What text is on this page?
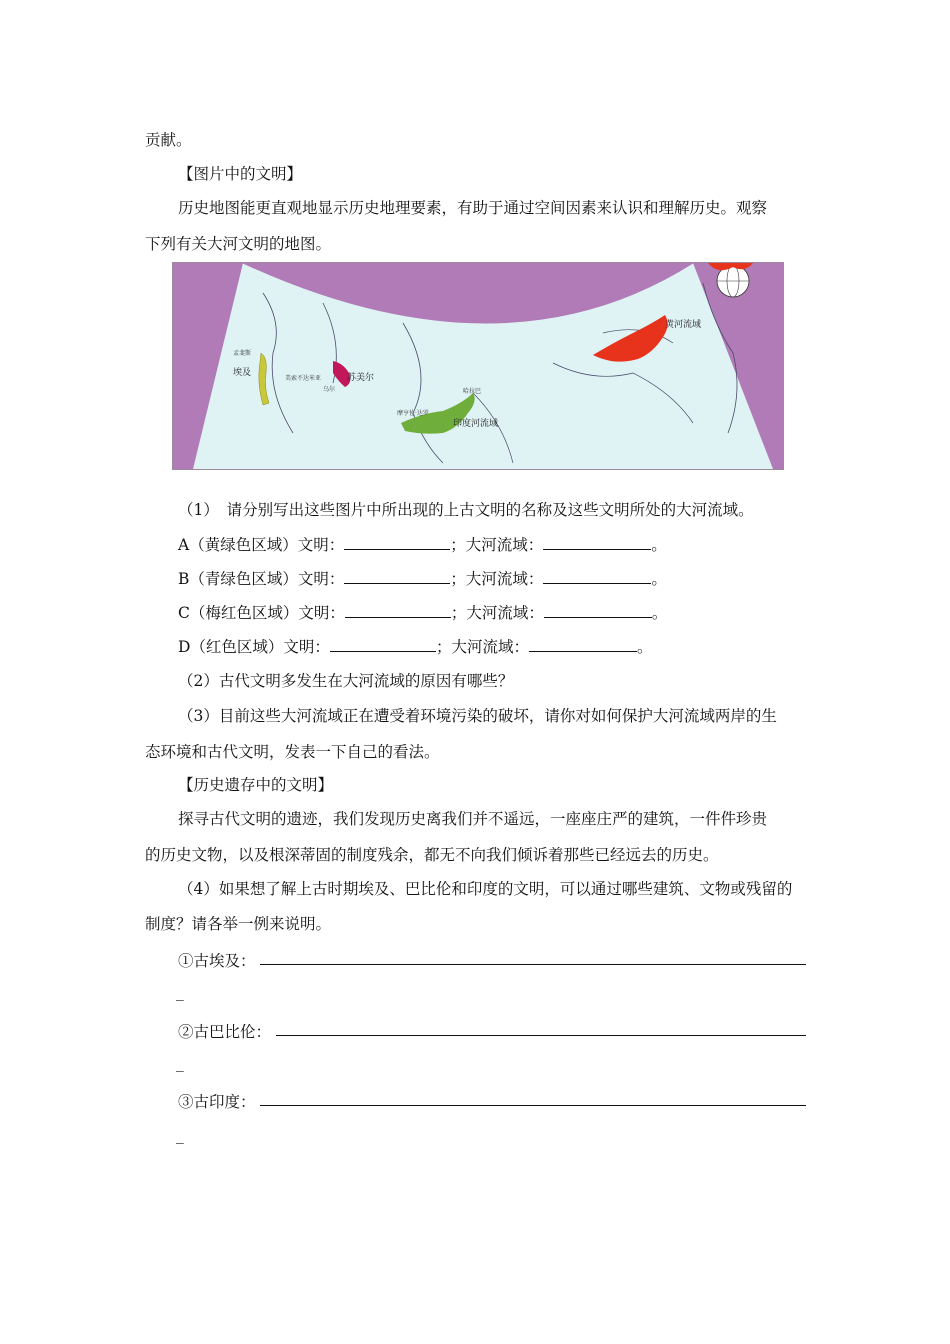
贡献。
【图片中的文明】
历史地图能更直观地显示历史地理要素，有助于通过空间因素来认识和理解历史。观察
下列有关大河文明的地图。
孟斐斯
埃及
美索不达米亚
乌尔
苏美尔
摩亨佐·达罗
哈拉巴
印度河流域
黄河流域
（1）　请分别写出这些图片中所出现的上古文明的名称及这些文明所处的大河流域。
A（黄绿色区域）文明：	；大河流域：	。
B（青绿色区域）文明：	；大河流域：	。
C（梅红色区域）文明：	；大河流域：	。
D（红色区域）文明：	；大河流域：	。
（2）古代文明多发生在大河流域的原因有哪些？
（3）目前这些大河流域正在遭受着环境污染的破坏，请你对如何保护大河流域两岸的生
态环境和古代文明，发表一下自己的看法。
【历史遗存中的文明】
探寻古代文明的遗迹，我们发现历史离我们并不遥远，一座座庄严的建筑，一件件珍贵
的历史文物，以及根深蒂固的制度残余，都无不向我们倾诉着那些已经远去的历史。
（4）如果想了解上古时期埃及、巴比伦和印度的文明，可以通过哪些建筑、文物或残留的
制度？请各举一例来说明。
①古埃及：
_
②古巴比伦：
_
③古印度：
_
